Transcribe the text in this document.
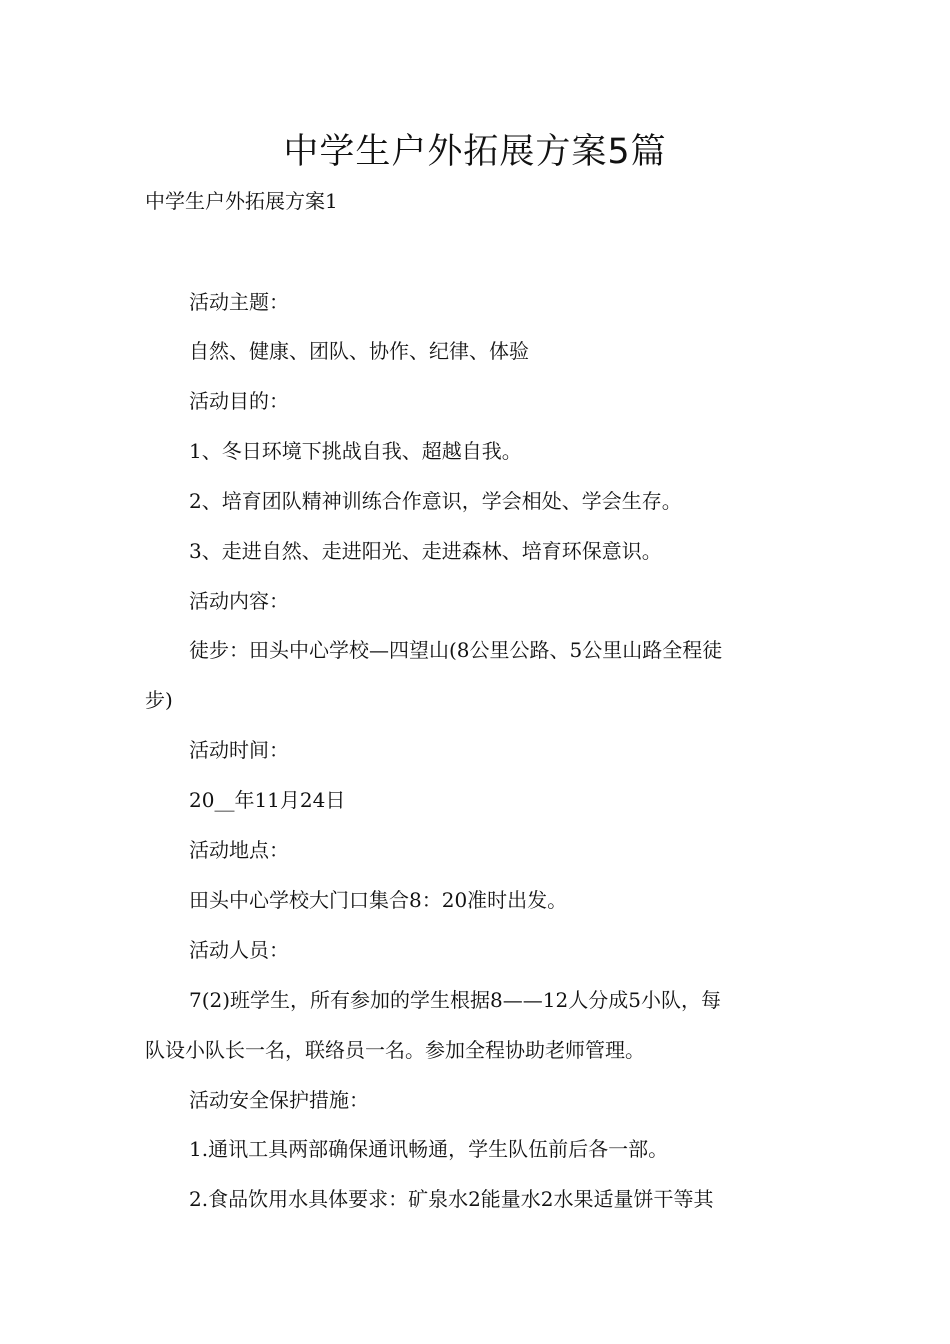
中学生户外拓展方案5篇
中学生户外拓展方案1
活动主题：
自然、健康、团队、协作、纪律、体验
活动目的：
1、冬日环境下挑战自我、超越自我。
2、培育团队精神训练合作意识，学会相处、学会生存。
3、走进自然、走进阳光、走进森林、培育环保意识。
活动内容：
徒步：田头中心学校—四望山(8公里公路、5公里山路全程徒
步)
活动时间：
20__年11月24日
活动地点：
田头中心学校大门口集合8：20准时出发。
活动人员：
7(2)班学生，所有参加的学生根据8——12人分成5小队，每
队设小队长一名，联络员一名。参加全程协助老师管理。
活动安全保护措施：
1.通讯工具两部确保通讯畅通，学生队伍前后各一部。
2.食品饮用水具体要求：矿泉水2能量水2水果适量饼干等其
